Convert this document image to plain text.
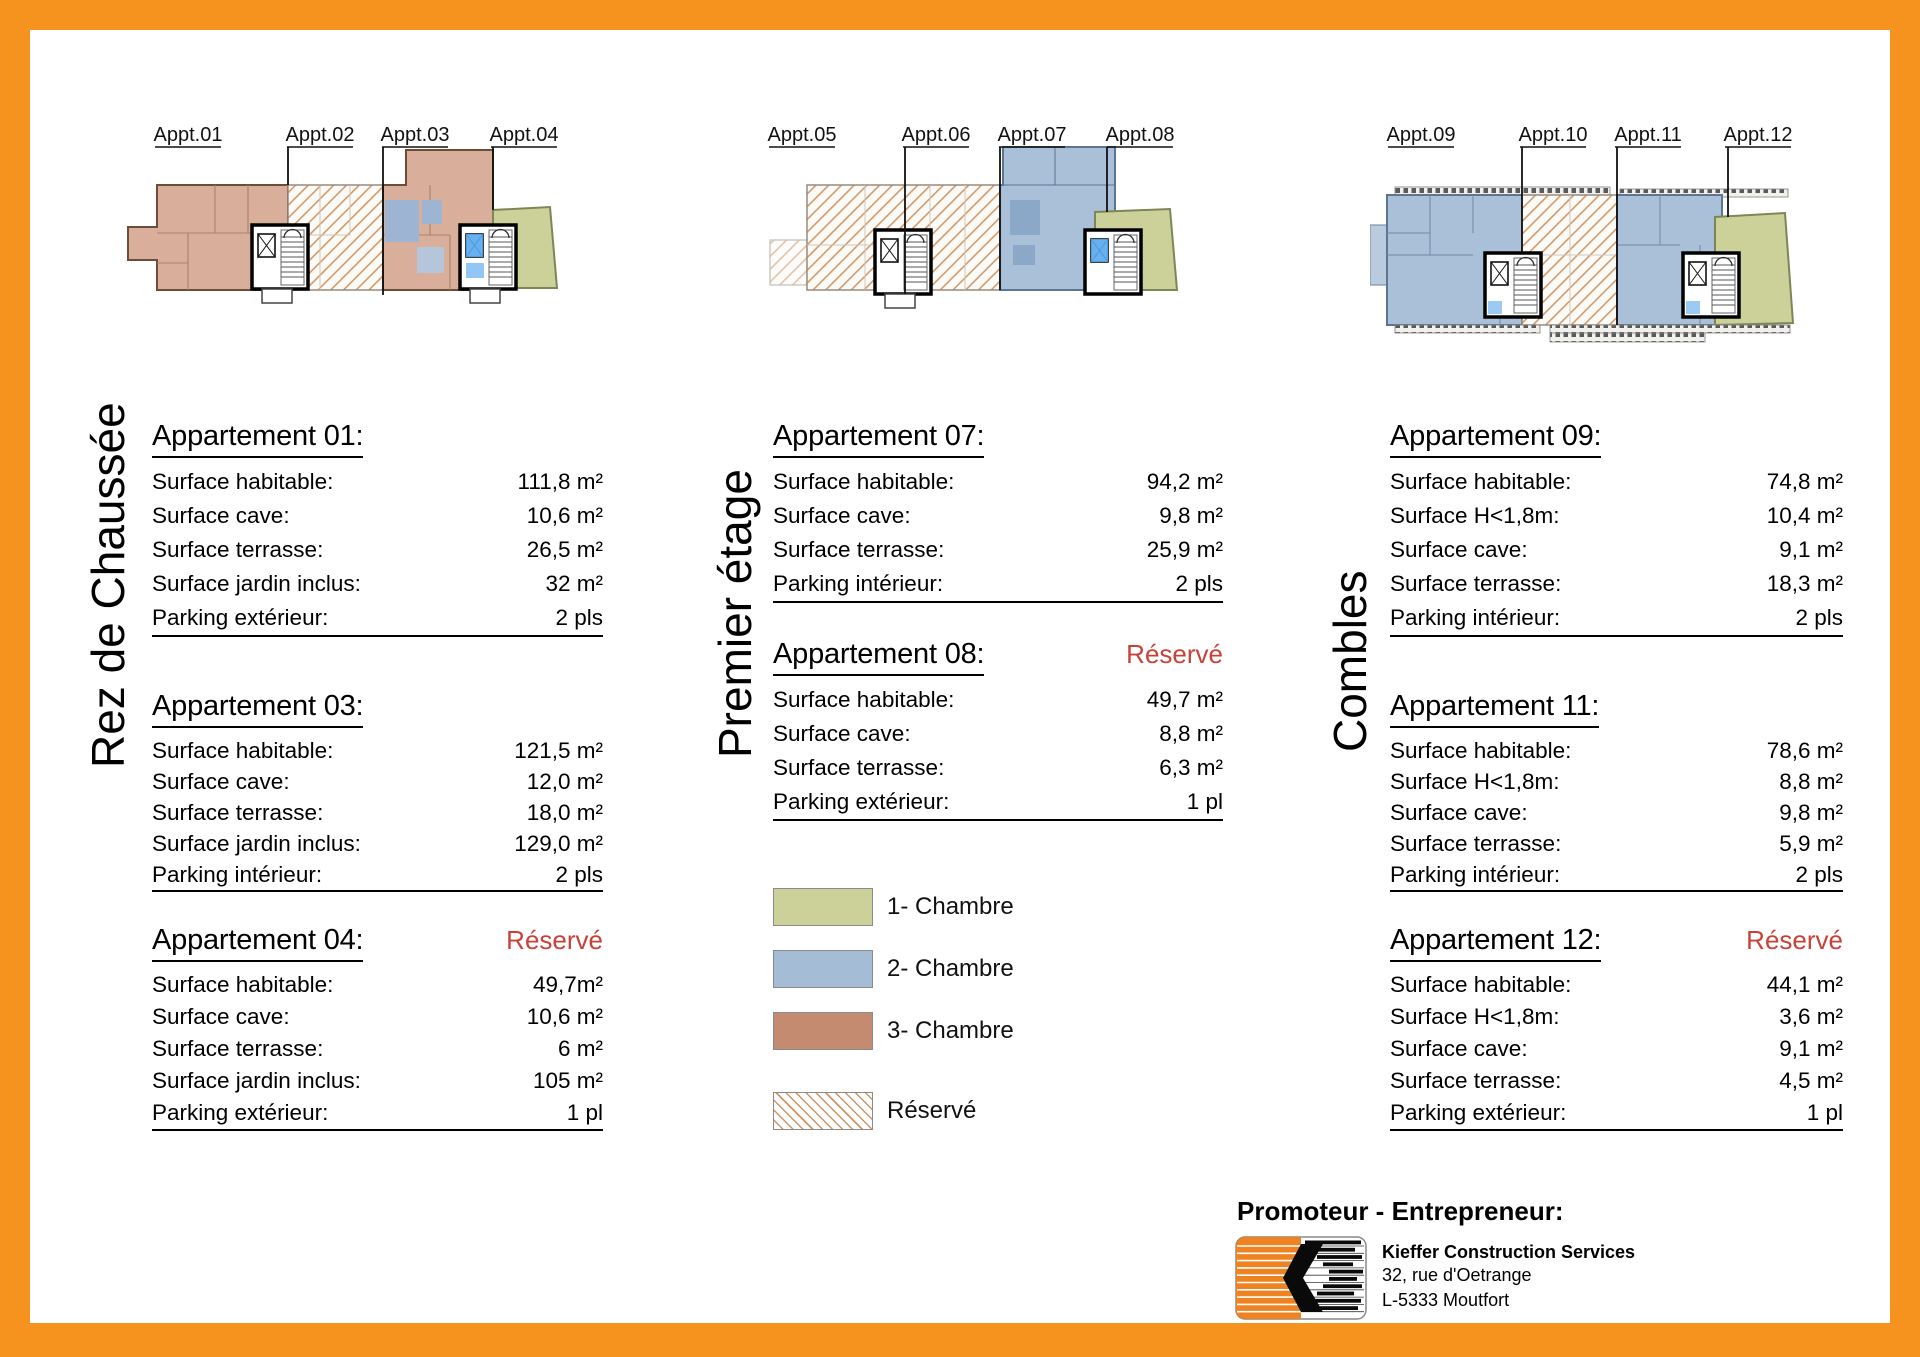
Appt.01	Appt.02 Appt.03 Appt.04	Appt.05	Appt.06 Appt.07 Appt.08	Appt.09	Appt.10 Appt.11 Appt.12
Rez de Chaussée	Premier étage	Combles
Appartement 01:
Surface habitable:	111,8 m²
Surface cave:	10,6 m²
Surface terrasse:	26,5 m²
Surface jardin inclus:	32 m²
Parking extérieur:	2 pls
Appartement 03:
Surface habitable:	121,5 m²
Surface cave:	12,0 m²
Surface terrasse:	18,0 m²
Surface jardin inclus:	129,0 m²
Parking intérieur:	2 pls
Appartement 04:	Réservé
Surface habitable:	49,7m²
Surface cave:	10,6 m²
Surface terrasse:	6 m²
Surface jardin inclus:	105 m²
Parking extérieur:	1 pl
Appartement 07:
Surface habitable:	94,2 m²
Surface cave:	9,8 m²
Surface terrasse:	25,9 m²
Parking intérieur:	2 pls
Appartement 08:	Réservé
Surface habitable:	49,7 m²
Surface cave:	8,8 m²
Surface terrasse:	6,3 m²
Parking extérieur:	1 pl
1- Chambre
2- Chambre
3- Chambre
Réservé
Appartement 09:
Surface habitable:	74,8 m²
Surface H<1,8m:	10,4 m²
Surface cave:	9,1 m²
Surface terrasse:	18,3 m²
Parking intérieur:	2 pls
Appartement 11:
Surface habitable:	78,6 m²
Surface H<1,8m:	8,8 m²
Surface cave:	9,8 m²
Surface terrasse:	5,9 m²
Parking intérieur:	2 pls
Appartement 12:	Réservé
Surface habitable:	44,1 m²
Surface H<1,8m:	3,6 m²
Surface cave:	9,1 m²
Surface terrasse:	4,5 m²
Parking extérieur:	1 pl
Promoteur - Entrepreneur:
Kieffer Construction Services
32, rue d'Oetrange
L-5333 Moutfort
